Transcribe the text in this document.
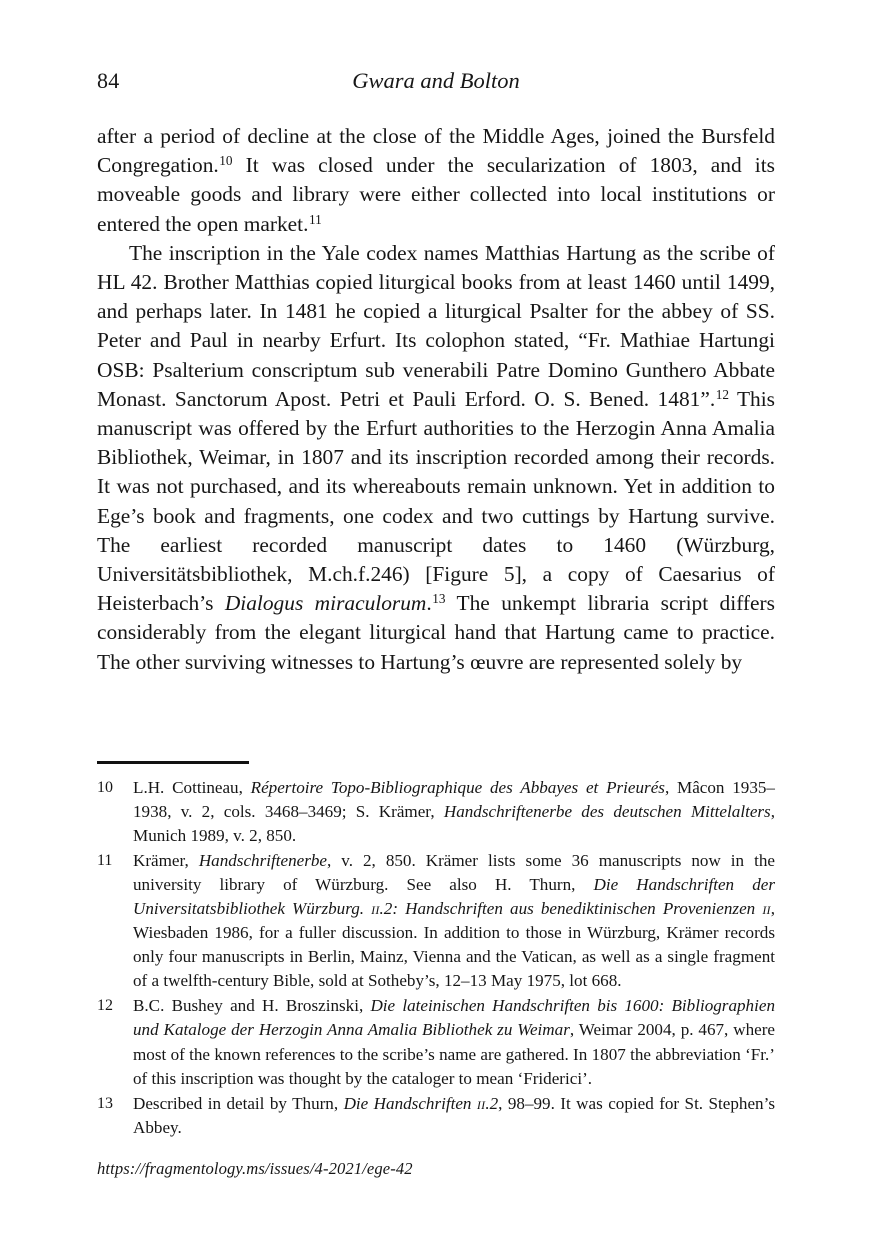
84	Gwara and Bolton

after a period of decline at the close of the Middle Ages, joined the Bursfeld Congregation.$^{10}$ It was closed under the secularization of 1803, and its moveable goods and library were either collected into local institutions or entered the open market.$^{11}$

The inscription in the Yale codex names Matthias Hartung as the scribe of HL 42. Brother Matthias copied liturgical books from at least 1460 until 1499, and perhaps later. In 1481 he copied a liturgical Psalter for the abbey of SS. Peter and Paul in nearby Erfurt. Its colophon stated, “Fr. Mathiae Hartungi OSB: Psalterium conscriptum sub venerabili Patre Domino Gunthero Abbate Monast. Sanctorum Apost. Petri et Pauli Erford. O. S. Bened. 1481”.$^{12}$ This manuscript was offered by the Erfurt authorities to the Herzogin Anna Amalia Bibliothek, Weimar, in 1807 and its inscription recorded among their records. It was not purchased, and its whereabouts remain unknown. Yet in addition to Ege’s book and fragments, one codex and two cuttings by Hartung survive. The earliest recorded manuscript dates to 1460 (Würzburg, Universitätsbibliothek, M.ch.f.246) [Figure 5], a copy of Caesarius of Heisterbach’s Dialogus miraculorum.$^{13}$ The unkempt libraria script differs considerably from the elegant liturgical hand that Hartung came to practice. The other surviving witnesses to Hartung’s œuvre are represented solely by

10	L.H. Cottineau, Répertoire Topo-Bibliographique des Abbayes et Prieurés, Mâcon 1935–1938, v. 2, cols. 3468–3469; S. Krämer, Handschriftenerbe des deutschen Mittelalters, Munich 1989, v. 2, 850.
11	Krämer, Handschriftenerbe, v. 2, 850. Krämer lists some 36 manuscripts now in the university library of Würzburg. See also H. Thurn, Die Handschriften der Universitatsbibliothek Würzburg. ii.2: Handschriften aus benediktinischen Provenienzen ii, Wiesbaden 1986, for a fuller discussion. In addition to those in Würzburg, Krämer records only four manuscripts in Berlin, Mainz, Vienna and the Vatican, as well as a single fragment of a twelfth-century Bible, sold at Sotheby’s, 12–13 May 1975, lot 668.
12	B.C. Bushey and H. Broszinski, Die lateinischen Handschriften bis 1600: Bibliographien und Kataloge der Herzogin Anna Amalia Bibliothek zu Weimar, Weimar 2004, p. 467, where most of the known references to the scribe’s name are gathered. In 1807 the abbreviation ‘Fr.’ of this inscription was thought by the cataloger to mean ‘Friderici’.
13	Described in detail by Thurn, Die Handschriften ii.2, 98–99. It was copied for St. Stephen’s Abbey.
https://fragmentology.ms/issues/4-2021/ege-42
